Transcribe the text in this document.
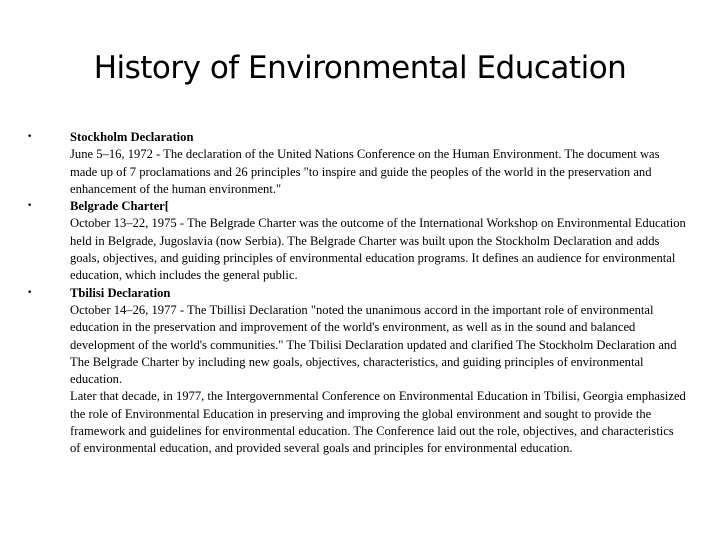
History of Environmental Education
•	Stockholm Declaration
June 5–16, 1972 - The declaration of the United Nations Conference on the Human Environment. The document was made up of 7 proclamations and 26 principles "to inspire and guide the peoples of the world in the preservation and enhancement of the human environment."
•	Belgrade Charter[
October 13–22, 1975 - The Belgrade Charter was the outcome of the International Workshop on Environmental Education held in Belgrade, Jugoslavia (now Serbia). The Belgrade Charter was built upon the Stockholm Declaration and adds goals, objectives, and guiding principles of environmental education programs. It defines an audience for environmental education, which includes the general public.
•	Tbilisi Declaration
October 14–26, 1977 - The Tbillisi Declaration "noted the unanimous accord in the important role of environmental education in the preservation and improvement of the world's environment, as well as in the sound and balanced development of the world's communities." The Tbilisi Declaration updated and clarified The Stockholm Declaration and The Belgrade Charter by including new goals, objectives, characteristics, and guiding principles of environmental education.
Later that decade, in 1977, the Intergovernmental Conference on Environmental Education in Tbilisi, Georgia emphasized the role of Environmental Education in preserving and improving the global environment and sought to provide the framework and guidelines for environmental education. The Conference laid out the role, objectives, and characteristics of environmental education, and provided several goals and principles for environmental education.
